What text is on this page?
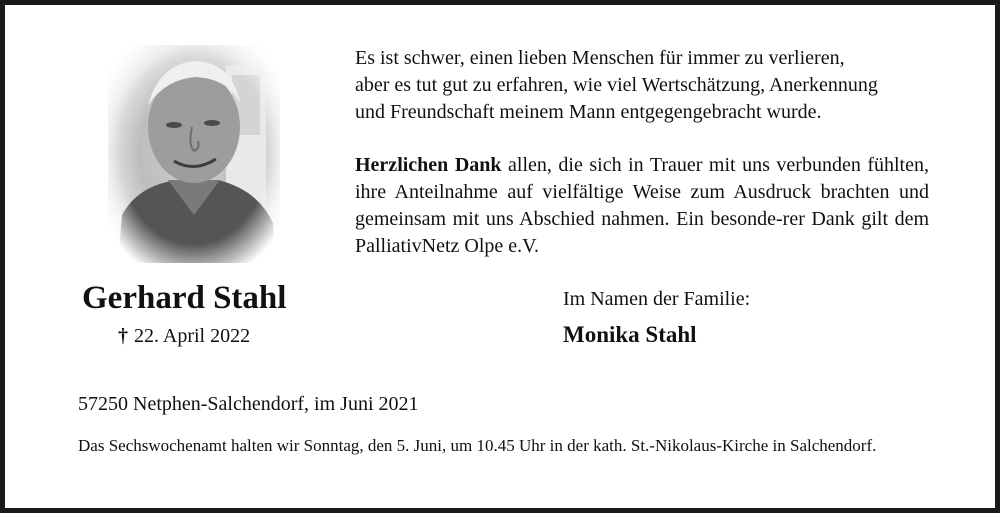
Gerhard Stahl
† 22. April 2022
Es ist schwer, einen lieben Menschen für immer zu verlieren,
aber es tut gut zu erfahren, wie viel Wertschätzung, Anerkennung
und Freundschaft meinem Mann entgegengebracht wurde.
Herzlichen Dank allen, die sich in Trauer mit uns verbunden fühlten, ihre Anteilnahme auf vielfältige Weise zum Ausdruck brachten und gemeinsam mit uns Abschied nahmen. Ein besonde-rer Dank gilt dem PalliativNetz Olpe e.V.
Im Namen der Familie:
Monika Stahl
57250 Netphen-Salchendorf, im Juni 2021
Das Sechswochenamt halten wir Sonntag, den 5. Juni, um 10.45 Uhr in der kath. St.-Nikolaus-Kirche in Salchendorf.
